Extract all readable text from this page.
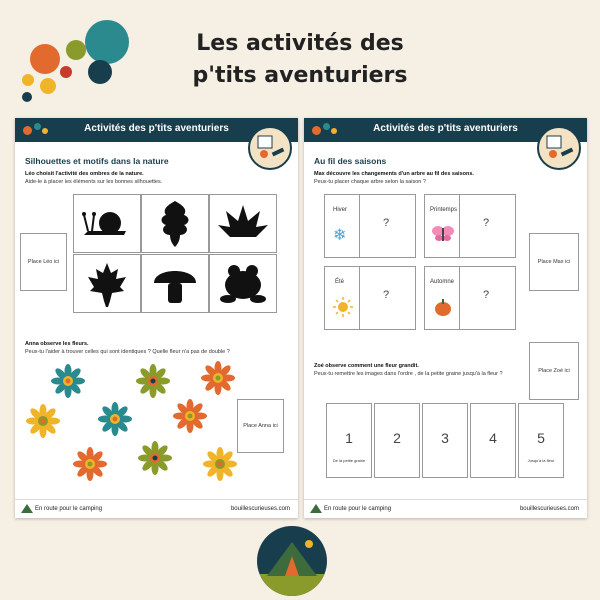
Les activités des
p'tits aventuriers
Activités des p'tits aventuriers
Silhouettes et motifs dans la nature
Léo choisit l'activité des ombres de la nature.
Aide-le à placer les éléments sur les bonnes silhouettes.
Place Léo ici
Anna observe les fleurs.
Peux-tu l'aider à trouver celles qui sont identiques ? Quelle fleur n'a pas de double ?
Place Anna ici
En route pour le camping	bouillescurieuses.com
Activités des p'tits aventuriers
Au fil des saisons
Max découvre les changements d'un arbre au fil des saisons.
Peux-tu placer chaque arbre selon la saison ?
Hiver
❄
?
Printemps
?
Été
?
Automne
?
Place Max ici
Zoé observe comment une fleur grandit.
Peux-tu remettre les images dans l'ordre , de la petite graine jusqu'à la fleur ?	Place Zoé ici
1
De la petite graine
2	3	4	5
Jusqu'à la fleur
En route pour le camping	bouillescurieuses.com
